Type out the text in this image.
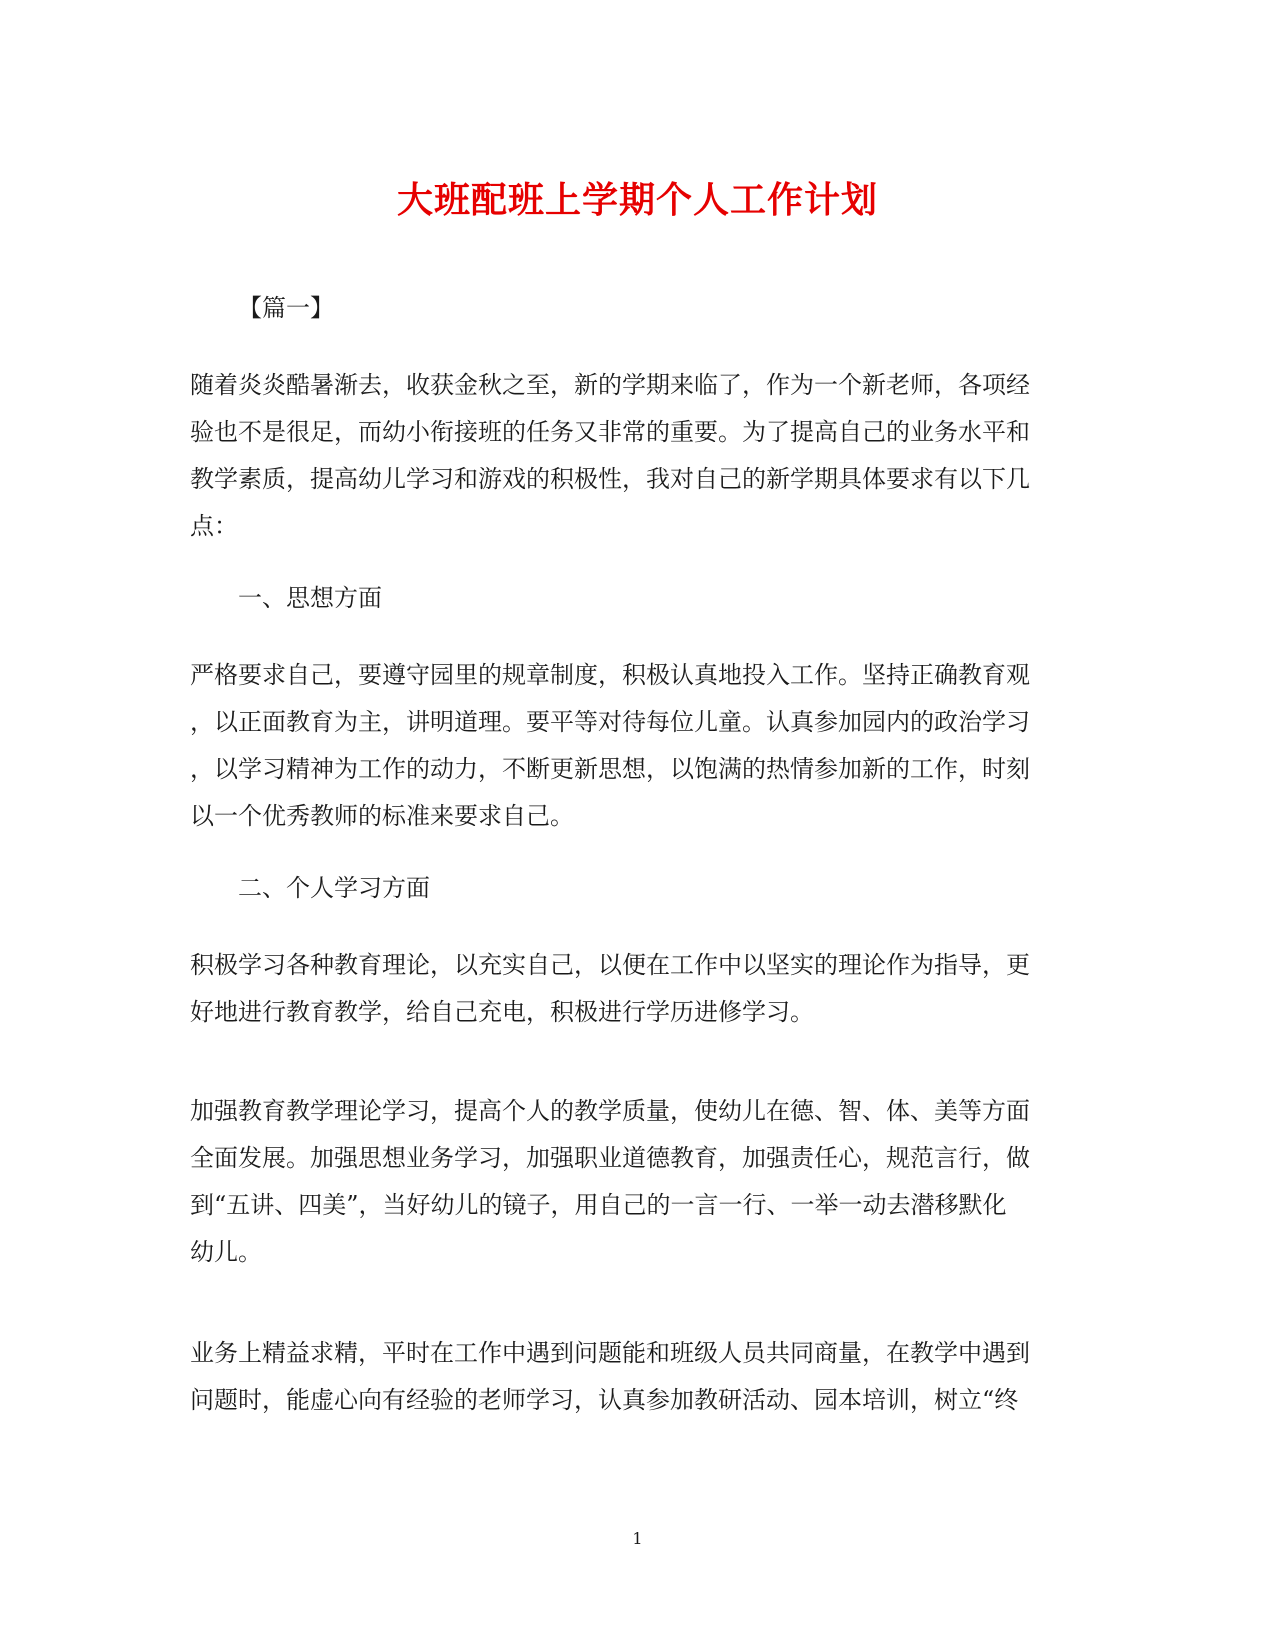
大班配班上学期个人工作计划

【篇一】

随着炎炎酷暑渐去，收获金秋之至，新的学期来临了，作为一个新老师，各项经
验也不是很足，而幼小衔接班的任务又非常的重要。为了提高自己的业务水平和
教学素质，提高幼儿学习和游戏的积极性，我对自己的新学期具体要求有以下几
点：

一、思想方面

严格要求自己，要遵守园里的规章制度，积极认真地投入工作。坚持正确教育观
，以正面教育为主，讲明道理。要平等对待每位儿童。认真参加园内的政治学习
，以学习精神为工作的动力，不断更新思想，以饱满的热情参加新的工作，时刻
以一个优秀教师的标准来要求自己。

二、个人学习方面

积极学习各种教育理论，以充实自己，以便在工作中以坚实的理论作为指导，更
好地进行教育教学，给自己充电，积极进行学历进修学习。

加强教育教学理论学习，提高个人的教学质量，使幼儿在德、智、体、美等方面
全面发展。加强思想业务学习，加强职业道德教育，加强责任心，规范言行，做
到“五讲、四美”，当好幼儿的镜子，用自己的一言一行、一举一动去潜移默化
幼儿。

业务上精益求精，平时在工作中遇到问题能和班级人员共同商量，在教学中遇到
问题时，能虚心向有经验的老师学习，认真参加教研活动、园本培训，树立“终

1
